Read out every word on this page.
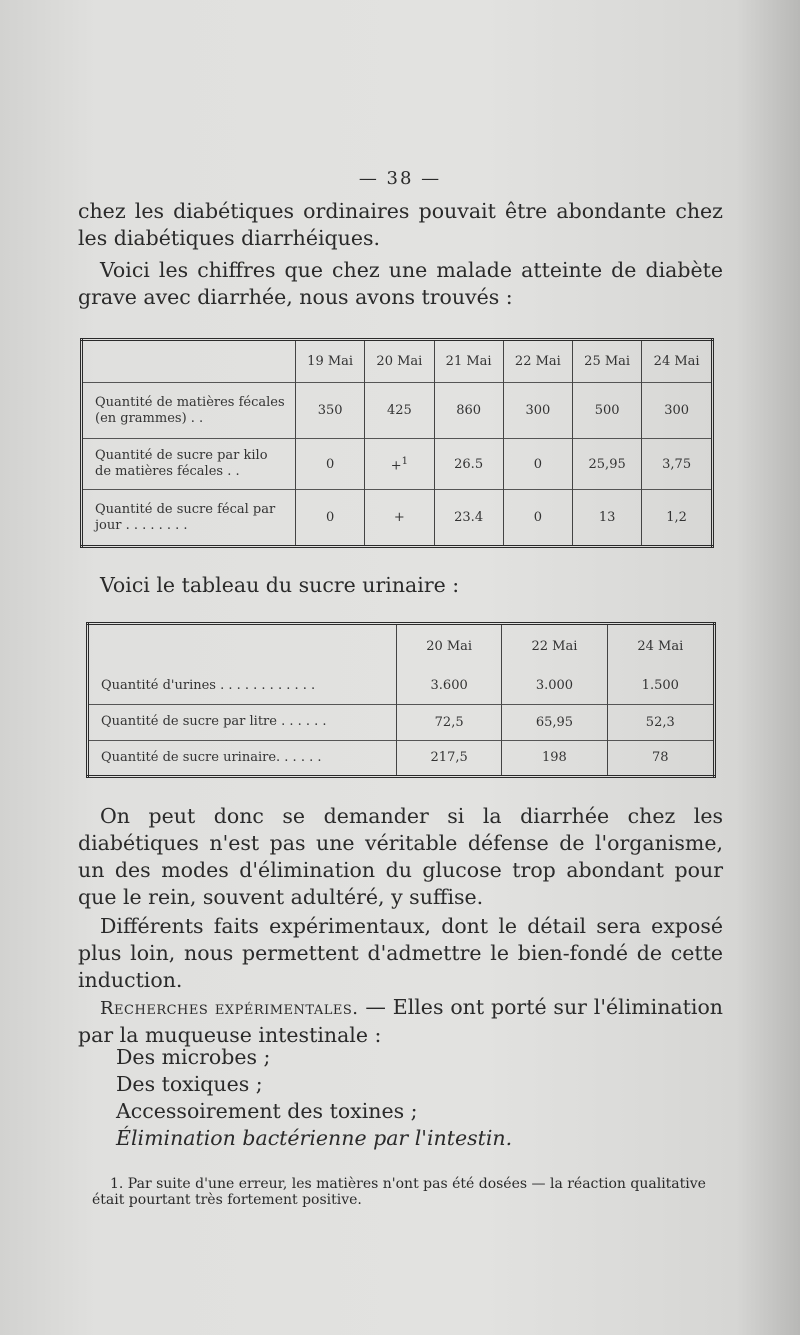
— 38 —
chez les diabétiques ordinaires pouvait être abondante chez les diabétiques diarrhéiques.
Voici les chiffres que chez une malade atteinte de diabète grave avec diarrhée, nous avons trouvés :
	19 Mai	20 Mai	21 Mai	22 Mai	25 Mai	24 Mai
Quantité de matières fécales (en grammes) . .	350	425	860	300	500	300
Quantité de sucre par kilo de matières fécales . .	0	+$^1$	26.5	0	25,95	3,75
Quantité de sucre fécal par jour . . . . . . . .	0	+	23.4	0	13	1,2
Voici le tableau du sucre urinaire :
	20 Mai	22 Mai	24 Mai
Quantité d'urines . . . . . . . . . . . .	3.600	3.000	1.500
Quantité de sucre par litre . . . . . .	72,5	65,95	52,3
Quantité de sucre urinaire. . . . . .	217,5	198	78
On peut donc se demander si la diarrhée chez les diabétiques n'est pas une véritable défense de l'organisme, un des modes d'élimination du glucose trop abondant pour que le rein, souvent adultéré, y suffise.
Différents faits expérimentaux, dont le détail sera exposé plus loin, nous permettent d'admettre le bien-fondé de cette induction.
Recherches expérimentales. — Elles ont porté sur l'élimination par la muqueuse intestinale :
Des microbes ;
Des toxiques ;
Accessoirement des toxines ;
Élimination bactérienne par l'intestin.
1. Par suite d'une erreur, les matières n'ont pas été dosées — la réaction qualitative était pourtant très fortement positive.
